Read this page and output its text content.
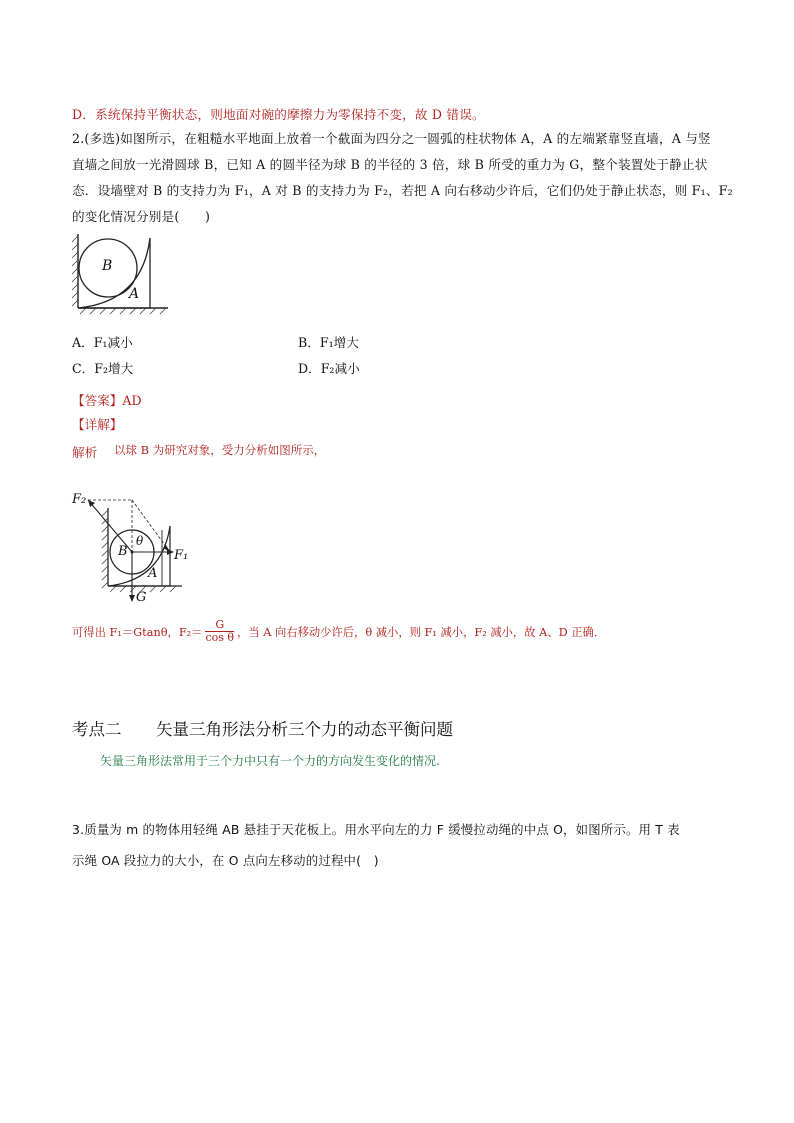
D．系统保持平衡状态，则地面对碗的摩擦力为零保持不变，故 D 错误。
2.(多选)如图所示，在粗糙水平地面上放着一个截面为四分之一圆弧的柱状物体 A，A 的左端紧靠竖直墙，A 与竖
直墙之间放一光滑圆球 B，已知 A 的圆半径为球 B 的半径的 3 倍，球 B 所受的重力为 G，整个装置处于静止状
态．设墙壁对 B 的支持力为 F₁，A 对 B 的支持力为 F₂，若把 A 向右移动少许后，它们仍处于静止状态，则 F₁、F₂
的变化情况分别是(　　)
B
A
A．F₁减小	B．F₁增大
C．F₂增大	D．F₂减小
【答案】AD
【详解】
解析 以球 B 为研究对象，受力分析如图所示，
F₂
F₁
θ
B
A
G
可得出 F₁＝Gtanθ，$F_2= \frac{G}{\text{cos θ}}$ ，当 A 向右移动少许后，θ 减小，则 F₁ 减小，F₂ 减小，故 A、D 正确．
考点二 矢量三角形法分析三个力的动态平衡问题
矢量三角形法常用于三个力中只有一个力的方向发生变化的情况.
3.质量为 m 的物体用轻绳 AB 悬挂于天花板上。用水平向左的力 F 缓慢拉动绳的中点 O，如图所示。用 T 表
示绳 OA 段拉力的大小，在 O 点向左移动的过程中(　)
